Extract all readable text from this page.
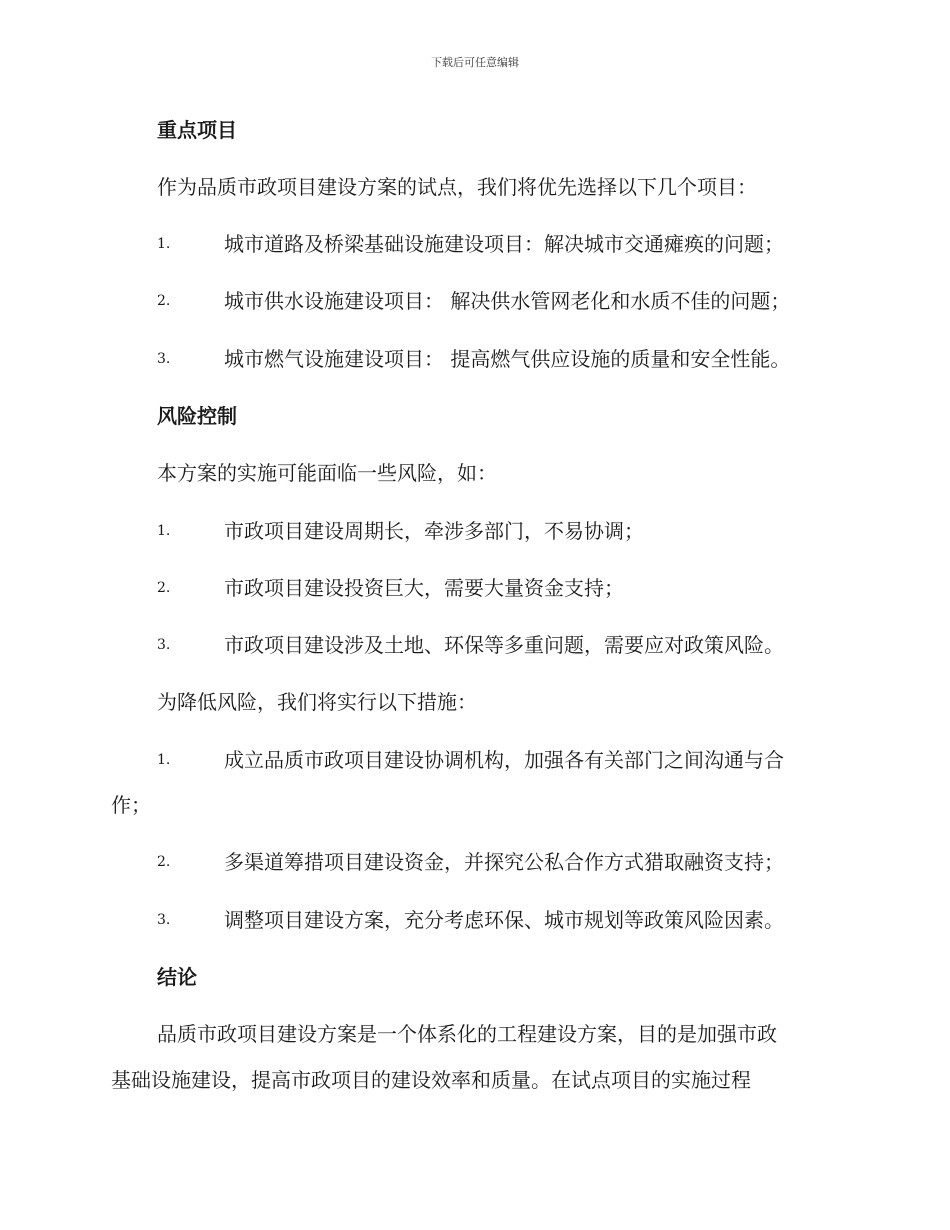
下载后可任意编辑
重点项目
作为品质市政项目建设方案的试点，我们将优先选择以下几个项目：
1.	城市道路及桥梁基础设施建设项目：解决城市交通瘫痪的问题；
2.	城市供水设施建设项目： 解决供水管网老化和水质不佳的问题；
3.	城市燃气设施建设项目： 提高燃气供应设施的质量和安全性能。
风险控制
本方案的实施可能面临一些风险，如：
1.	市政项目建设周期长，牵涉多部门，不易协调；
2.	市政项目建设投资巨大，需要大量资金支持；
3.	市政项目建设涉及土地、环保等多重问题，需要应对政策风险。
为降低风险，我们将实行以下措施：
1.	成立品质市政项目建设协调机构，加强各有关部门之间沟通与合
作；
2.	多渠道筹措项目建设资金，并探究公私合作方式猎取融资支持；
3.	调整项目建设方案，充分考虑环保、城市规划等政策风险因素。
结论
品质市政项目建设方案是一个体系化的工程建设方案，目的是加强市政
基础设施建设，提高市政项目的建设效率和质量。在试点项目的实施过程
